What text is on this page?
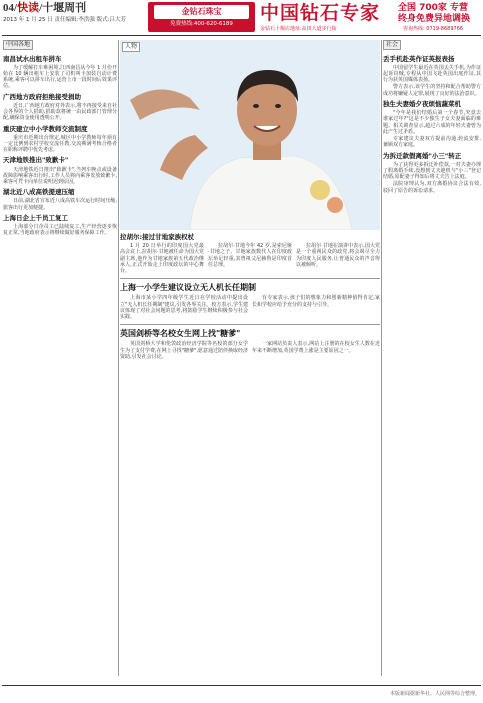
04/快读/十堰周刊
2013 年 1 月 25 日 责任编辑:李洪强 版式:吕大芳
金钻石珠宝
免费热线:400-620-6189	中国钻石专家 全国 700家 专营
终身免费异地调换
金钻石十堰店地址:高田大道步行街	咨询热线: 0719-8689766
中国各地
南昌试水出租车拼车
为了缓解打车难困境,江西南昌从今年 1 月份开始在 10 辆出租车上安装了司机叫卡加装自动计费系统,乘客可以拼车出行,运营上市一段时间后效果评估。
广西地方政府拒绝接受捐助
近日,广西地方政府对外表示,将不再接受来自社会各界的个人捐助,捐助款将统一由民政部门管理分配,确保资金使用透明公开。
重庆建立中小学教师交流制度
重庆市近期出台规定,城区中小学教师每年须有一定比例到农村学校交流任教,交流期满考核合格者在职称评聘中优先考虑。
天津地铁推出"致歉卡"
天津地铁近日推出"致歉卡",当列车晚点或设备故障影响乘客出行时,工作人员将向乘客发放致歉卡,乘客可凭卡向单位说明迟到原因。
湖北近八成高铁提速压缩
日前,湖北省宣布近八成高铁车次运行时间压缩,旅客出行更加便捷。
上海日企上千员工复工
上海部分日企员工已陆续复工,生产经营逐步恢复正常,当地政府表示将继续做好服务保障工作。
人物
拉胡尔:接过甘地家族权杖
1 月 20 日举行的印度国大党最高会议上,拉胡尔·甘地被任命为国大党副主席,他作为甘地家族第五代政治继承人,正式开始走上印度政坛的中心舞台。
拉胡尔·甘地今年 42 岁,是索尼娅·甘地之子。甘地家族数代人在印度政坛举足轻重,其曾祖父尼赫鲁是印度首任总理。
拉胡尔·甘地在演讲中表示,国大党是一个重视民众的政党,将会竭尽全力为印度人民服务,让普通民众的声音得以被倾听。
上海一小学生建议设立无人机长任期制
上海市某小学四年级学生近日在学校活动中提出设立"无人机长任期制"建议,引发各界关注。校方表示,学生建议体现了对社会问题的思考,将鼓励学生继续积极参与社会实践。
有专家表示,孩子们的想象力和创新精神值得肯定,家长和学校应给予充分的支持与引导。
英国剑桥等名校女生网上找"糖爹"
英国剑桥大学和伦敦政治经济学院等名校的部分女学生为了支付学费,在网上寻找"糖爹",愿意通过陪伴换取经济资助,引发社会讨论。
一家网站负责人表示,网站上注册的在校女生人数在近年来不断增加,英国学费上涨是主要原因之一。
社会
丢手机赴英作证英报表扬
中国留学生最近在英国丢失手机,为作证起诉窃贼,专程从中国飞赴英国出庭作证,其行为获英国媒体表扬。
警方表示,该学生的坚持和配合帮助警方成功将嫌疑人定罪,展现了良好的法治意识。
独生夫妻婚夕夜烦恼蔬菜机
"今年是我们结婚后第一个春节,究竟去谁家过年?"这是不少独生子女夫妻面临的难题。相关调查显示,超过六成的年轻夫妻曾为此产生过矛盾。
专家建议夫妻双方提前沟通,轮流安排,兼顾双方家庭。
为拆迁款假离婚"小三"转正
为了获得更多拆迁补偿款,一对夫妻办理了假离婚手续,没想到丈夫趁机与"小三"登记结婚,原配妻子得知后将丈夫告上法庭。
法院审理认为,双方离婚协议合法有效,驳回了原告的诉讼请求。
本版新闻据新华社、人民网等综合整理。
